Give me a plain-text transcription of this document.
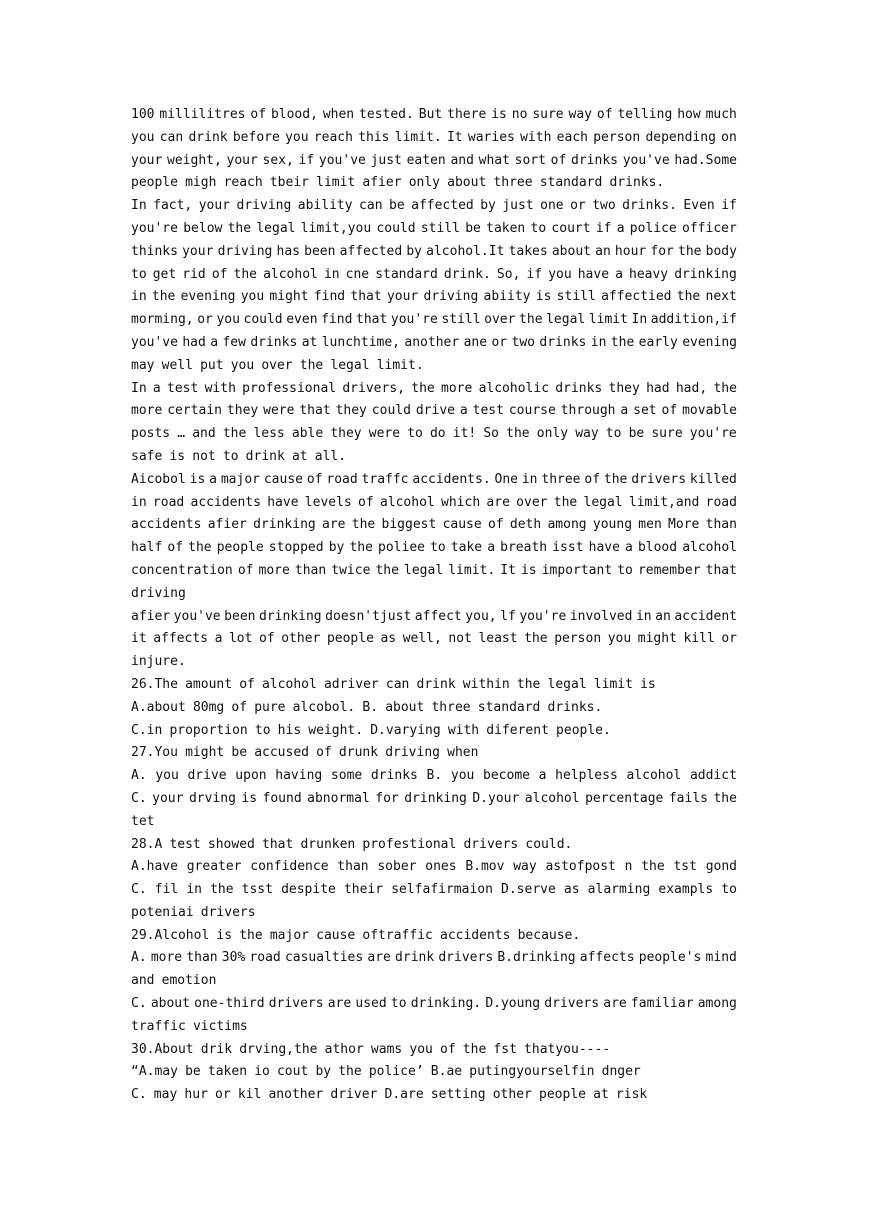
100 millilitres of blood, when tested. But there is no sure way of telling how much
you can drink before you reach this limit. It waries with each person depending on
your weight, your sex, if you've just eaten and what sort of drinks you've had.Some
people migh reach tbeir limit afier only about three standard drinks.
In fact, your driving ability can be affected by just one or two drinks. Even if
you're below the legal limit,you could still be taken to court if a police officer
thinks your driving has been affected by alcohol.It takes about an hour for the body
to get rid of the alcohol in cne standard drink. So, if you have a heavy drinking
in the evening you might find that your driving abiity is still affectied the next
morming, or you could even find that you're still over the legal limit In addition,if
you've had a few drinks at lunchtime, another ane or two drinks in the early evening
may well put you over the legal limit.
In a test with professional drivers, the more alcoholic drinks they had had, the
more certain they were that they could drive a test course through a set of movable
posts … and the less able they were to do it! So the only way to be sure you're
safe is not to drink at all.
Aicobol is a major cause of road traffc accidents. One in three of the drivers killed
in road accidents have levels of alcohol which are over the legal limit,and road
accidents afier drinking are the biggest cause of deth among young men More than
half of the people stopped by the poliee to take a breath isst have a blood alcohol
concentration of more than twice the legal limit. It is important to remember that
driving
afier you've been drinking doesn'tjust affect you, lf you're involved in an accident
it affects a lot of other people as well, not least the person you might kill or
injure.
26.The amount of alcohol adriver can drink within the legal limit is
A.about 80mg of pure alcobol. B. about three standard drinks.
C.in proportion to his weight. D.varying with diferent people.
27.You might be accused of drunk driving when
A. you drive upon having some drinks B. you become a helpless alcohol addict
C. your drving is found abnormal for drinking D.your alcohol percentage fails the
tet
28.A test showed that drunken profestional drivers could.
A.have greater confidence than sober ones B.mov way astofpost n the tst gond
C. fil in the tsst despite their selfafirmaion D.serve as alarming exampls to
poteniai drivers
29.Alcohol is the major cause oftraffic accidents because.
A. more than 30% road casualties are drink drivers B.drinking affects people's mind
and emotion
C. about one-third drivers are used to drinking. D.young drivers are familiar among
traffic victims
30.About drik drving,the athor wams you of the fst thatyou----
“A.may be taken io cout by the police’ B.ae putingyourselfin dnger
C. may hur or kil another driver D.are setting other people at risk
